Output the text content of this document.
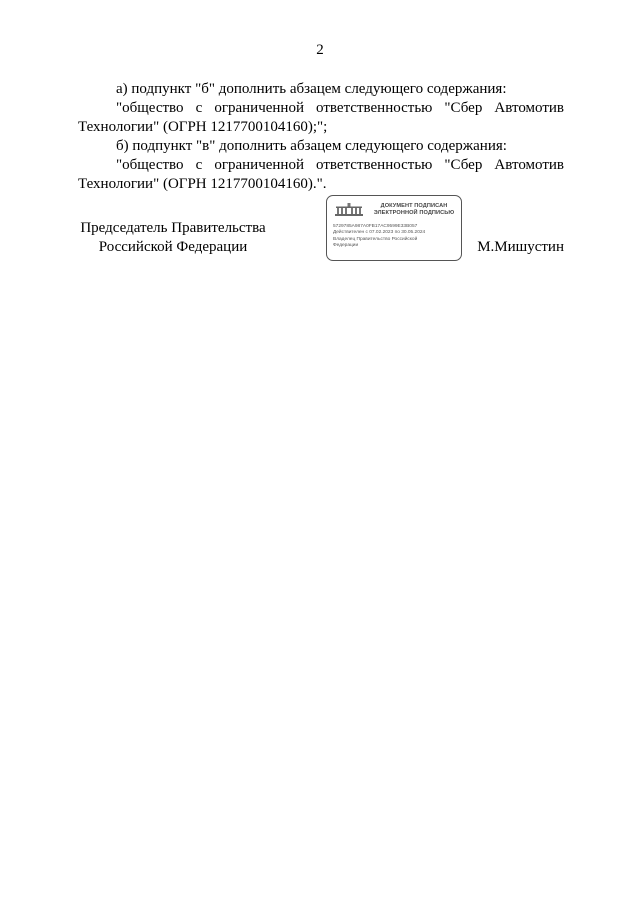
2
а) подпункт "б" дополнить абзацем следующего содержания:
"общество с ограниченной ответственностью "Сбер Автомотив
Технологии" (ОГРН 1217700104160);";
б) подпункт "в" дополнить абзацем следующего содержания:
"общество с ограниченной ответственностью "Сбер Автомотив
Технологии" (ОГРН 1217700104160).".
Председатель Правительства
Российской Федерации
ДОКУМЕНТ ПОДПИСАН
ЭЛЕКТРОННОЙ ПОДПИСЬЮ
5729785A987A0FB17AC9599E33B057
Действителен с 07.02.2023 по 30.05.2024
Владелец Правительство Российской
Федерации	М.Мишустин
